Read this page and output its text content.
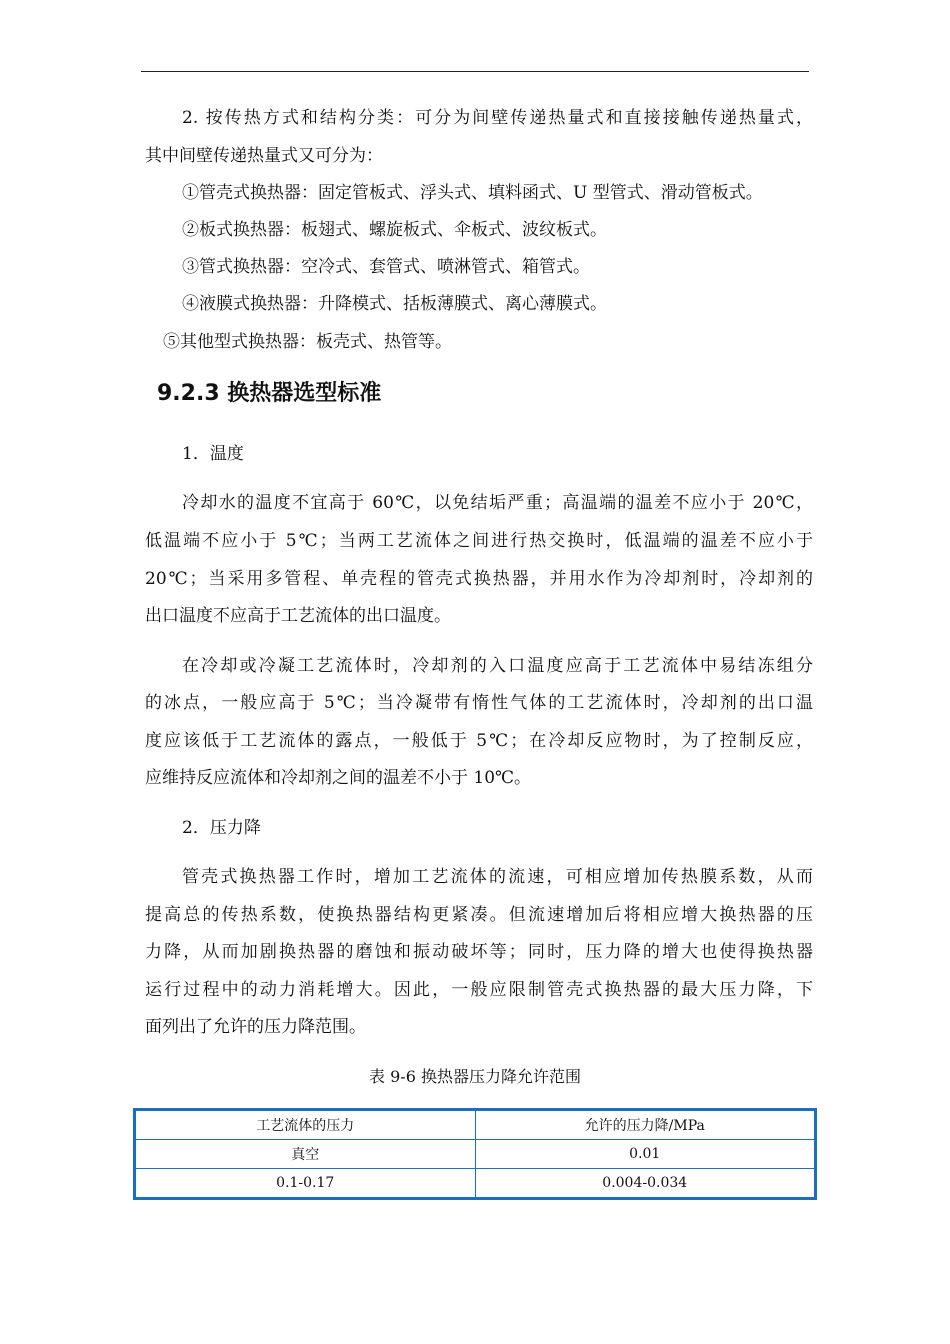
2. 按传热方式和结构分类：可分为间壁传递热量式和直接接触传递热量式，
其中间壁传递热量式又可分为：
①管壳式换热器：固定管板式、浮头式、填料函式、U 型管式、滑动管板式。
②板式换热器：板翅式、螺旋板式、伞板式、波纹板式。
③管式换热器：空冷式、套管式、喷淋管式、箱管式。
④液膜式换热器：升降模式、括板薄膜式、离心薄膜式。
⑤其他型式换热器：板壳式、热管等。
9.2.3 换热器选型标准
1．温度
冷却水的温度不宜高于 60℃，以免结垢严重；高温端的温差不应小于 20℃，
低温端不应小于 5℃；当两工艺流体之间进行热交换时，低温端的温差不应小于
20℃；当采用多管程、单壳程的管壳式换热器，并用水作为冷却剂时，冷却剂的
出口温度不应高于工艺流体的出口温度。
在冷却或冷凝工艺流体时，冷却剂的入口温度应高于工艺流体中易结冻组分
的冰点，一般应高于 5℃；当冷凝带有惰性气体的工艺流体时，冷却剂的出口温
度应该低于工艺流体的露点，一般低于 5℃；在冷却反应物时，为了控制反应，
应维持反应流体和冷却剂之间的温差不小于 10℃。
2．压力降
管壳式换热器工作时，增加工艺流体的流速，可相应增加传热膜系数，从而
提高总的传热系数，使换热器结构更紧凑。但流速增加后将相应增大换热器的压
力降，从而加剧换热器的磨蚀和振动破坏等；同时，压力降的增大也使得换热器
运行过程中的动力消耗增大。因此，一般应限制管壳式换热器的最大压力降，下
面列出了允许的压力降范围。
表 9-6 换热器压力降允许范围
工艺流体的压力	允许的压力降/MPa
真空	0.01
0.1-0.17	0.004-0.034
